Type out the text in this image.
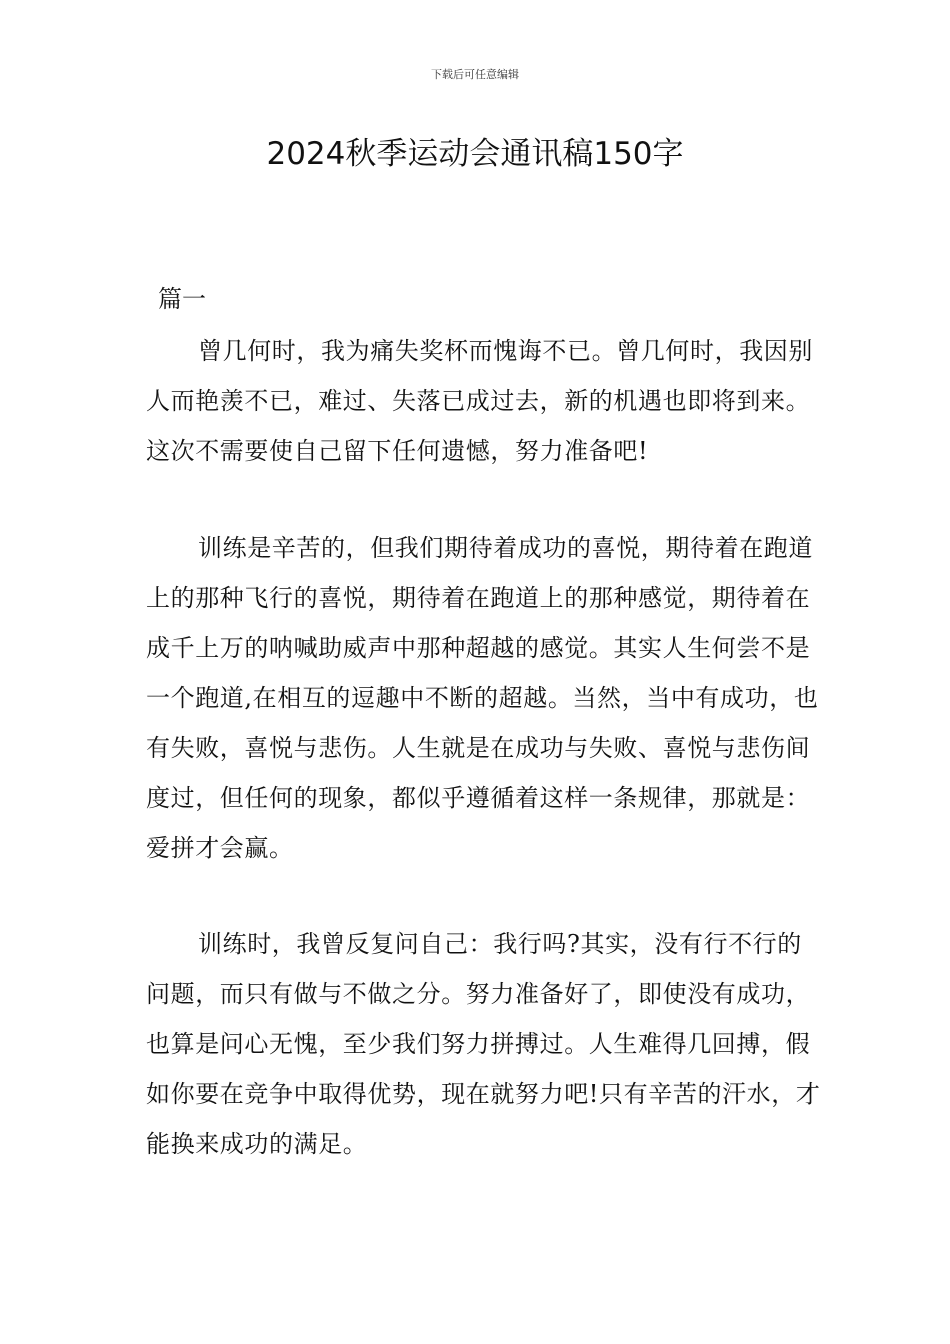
下载后可任意编辑
2024秋季运动会通讯稿150字
篇一

曾几何时，我为痛失奖杯而愧诲不已。曾几何时，我因别人而艳羡不已，难过、失落已成过去，新的机遇也即将到来。这次不需要使自己留下任何遗憾，努力准备吧!

训练是辛苦的，但我们期待着成功的喜悦，期待着在跑道上的那种飞行的喜悦，期待着在跑道上的那种感觉，期待着在成千上万的呐喊助威声中那种超越的感觉。其实人生何尝不是一个跑道,在相互的逗趣中不断的超越。当然，当中有成功，也有失败，喜悦与悲伤。人生就是在成功与失败、喜悦与悲伤间度过，但任何的现象，都似乎遵循着这样一条规律，那就是：爱拼才会赢。

训练时，我曾反复问自己：我行吗?其实，没有行不行的问题，而只有做与不做之分。努力准备好了，即使没有成功，也算是问心无愧，至少我们努力拼搏过。人生难得几回搏，假如你要在竞争中取得优势，现在就努力吧!只有辛苦的汗水，才能换来成功的满足。
